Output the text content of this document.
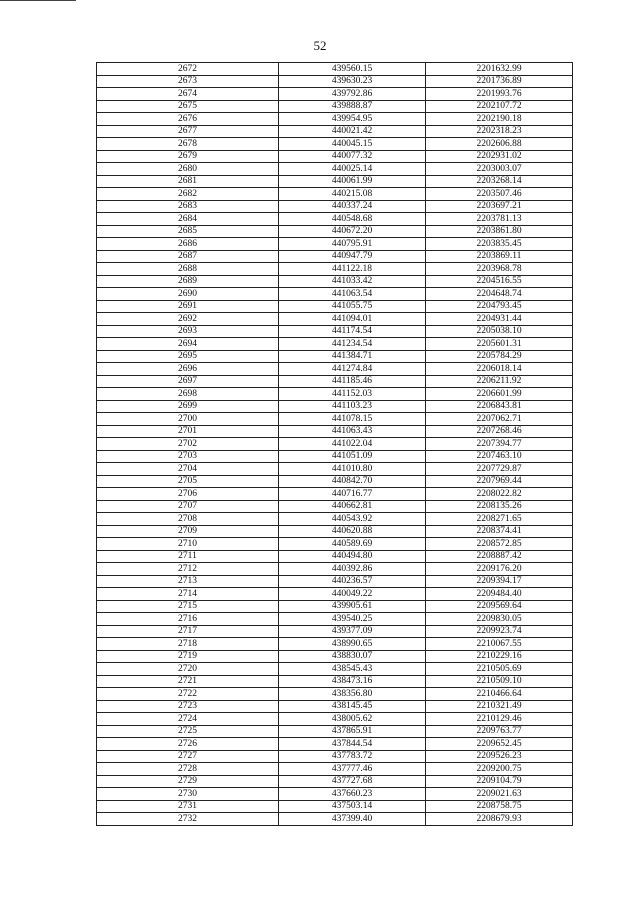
52
2672	439560.15	2201632.99
2673	439630.23	2201736.89
2674	439792.86	2201993.76
2675	439888.87	2202107.72
2676	439954.95	2202190.18
2677	440021.42	2202318.23
2678	440045.15	2202606.88
2679	440077.32	2202931.02
2680	440025.14	2203003.07
2681	440061.99	2203268.14
2682	440215.08	2203507.46
2683	440337.24	2203697.21
2684	440548.68	2203781.13
2685	440672.20	2203861.80
2686	440795.91	2203835.45
2687	440947.79	2203869.11
2688	441122.18	2203968.78
2689	441033.42	2204516.55
2690	441063.54	2204648.74
2691	441055.75	2204793.45
2692	441094.01	2204931.44
2693	441174.54	2205038.10
2694	441234.54	2205601.31
2695	441384.71	2205784.29
2696	441274.84	2206018.14
2697	441185.46	2206211.92
2698	441152.03	2206601.99
2699	441103.23	2206843.81
2700	441078.15	2207062.71
2701	441063.43	2207268.46
2702	441022.04	2207394.77
2703	441051.09	2207463.10
2704	441010.80	2207729.87
2705	440842.70	2207969.44
2706	440716.77	2208022.82
2707	440662.81	2208135.26
2708	440543.92	2208271.65
2709	440620.88	2208374.41
2710	440589.69	2208572.85
2711	440494.80	2208887.42
2712	440392.86	2209176.20
2713	440236.57	2209394.17
2714	440049.22	2209484.40
2715	439905.61	2209569.64
2716	439540.25	2209830.05
2717	439377.09	2209923.74
2718	438990.65	2210067.55
2719	438830.07	2210229.16
2720	438545.43	2210505.69
2721	438473.16	2210509.10
2722	438356.80	2210466.64
2723	438145.45	2210321.49
2724	438005.62	2210129.46
2725	437865.91	2209763.77
2726	437844.54	2209652.45
2727	437783.72	2209526.23
2728	437777.46	2209200.75
2729	437727.68	2209104.79
2730	437660.23	2209021.63
2731	437503.14	2208758.75
2732	437399.40	2208679.93
